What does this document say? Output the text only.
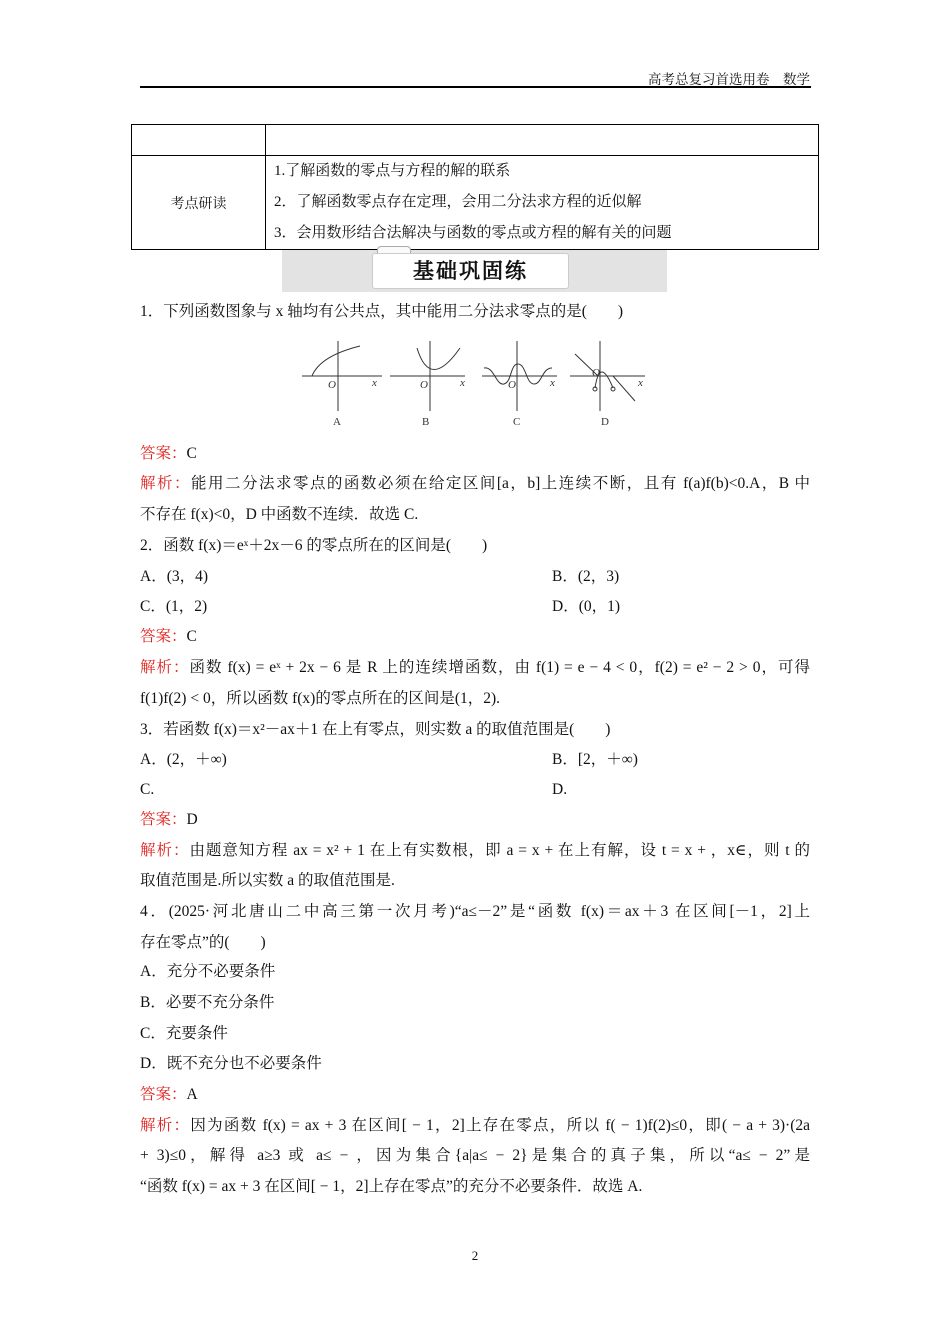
高考总复习首选用卷　数学

考点研读	1.了解函数的零点与方程的解的联系
2．了解函数零点存在定理，会用二分法求方程的近似解
3．会用数形结合法解决与函数的零点或方程的解有关的问题
基础巩固练
1．下列函数图象与 x 轴均有公共点，其中能用二分法求零点的是(　　)
O	O	O
O
x	x	x	x
A	B	C	D
答案：C
解析：能用二分法求零点的函数必须在给定区间[a，b]上连续不断，且有 f(a)f(b)<0.A，B 中
不存在 f(x)<0，D 中函数不连续．故选 C.
2．函数 f(x)＝eˣ＋2x－6 的零点所在的区间是(　　)
A．(3，4)	B．(2，3)
C．(1，2)	D．(0，1)
答案：C
解析：函数 f(x) = eˣ + 2x − 6 是 R 上的连续增函数，由 f(1) = e − 4 < 0，f(2) = e² − 2 > 0，可得
f(1)f(2) < 0，所以函数 f(x)的零点所在的区间是(1，2).
3．若函数 f(x)＝x²－ax＋1 在上有零点，则实数 a 的取值范围是(　　)
A．(2，＋∞)	B．[2，＋∞)
C.	D.
答案：D
解析：由题意知方程 ax = x² + 1 在上有实数根，即 a = x + 在上有解，设 t = x + ，x∈，则 t 的
取值范围是.所以实数 a 的取值范围是.
4．(2025·河北唐山二中高三第一次月考)“a≤－2”是“函数 f(x)＝ax＋3 在区间[－1，2]上
存在零点”的(　　)
A．充分不必要条件
B．必要不充分条件
C．充要条件
D．既不充分也不必要条件
答案：A
解析：因为函数 f(x) = ax + 3 在区间[ − 1，2]上存在零点，所以 f( − 1)f(2)≤0，即( − a + 3)·(2a
+ 3)≤0，解得 a≥3 或 a≤ − ，因为集合{a|a≤ − 2}是集合的真子集，所以“a≤ − 2”是
“函数 f(x) = ax + 3 在区间[ − 1，2]上存在零点”的充分不必要条件．故选 A.
2
